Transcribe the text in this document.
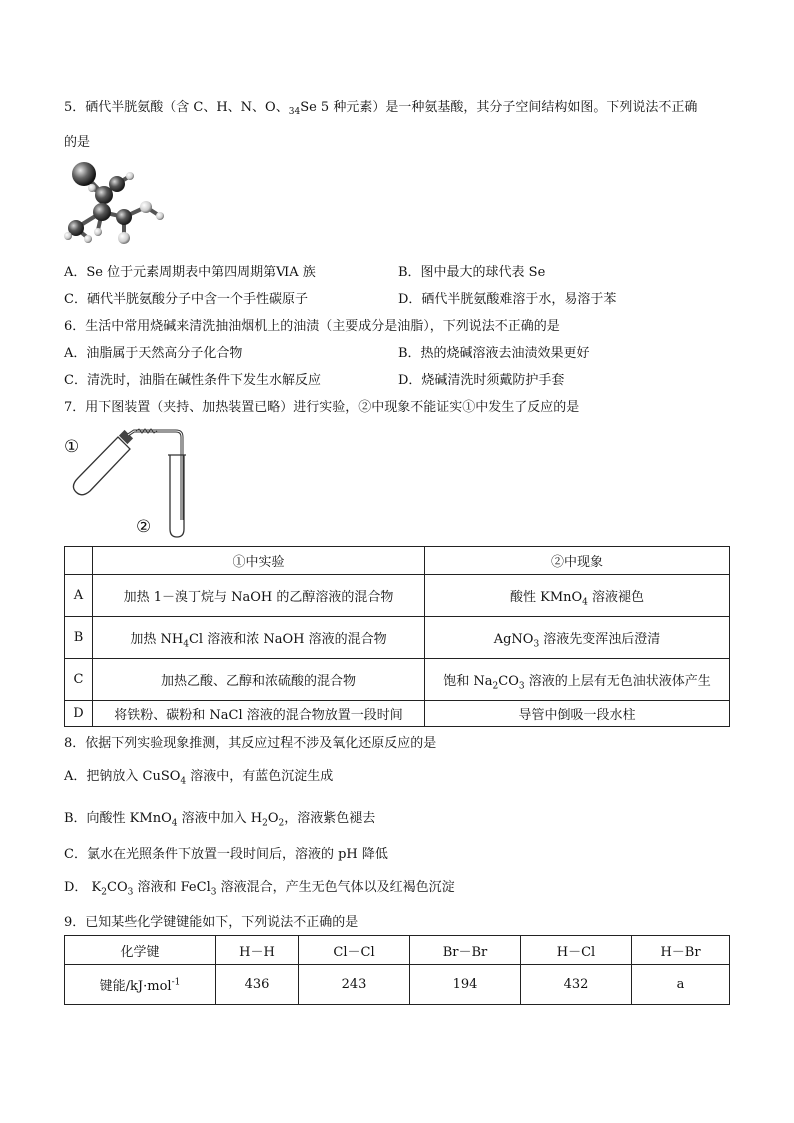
5．硒代半胱氨酸（含 C、H、N、O、$_{34}$Se 5 种元素）是一种氨基酸，其分子空间结构如图。下列说法不正确
的是
A．Se 位于元素周期表中第四周期第ⅥA 族	B．图中最大的球代表 Se
C．硒代半胱氨酸分子中含一个手性碳原子	D．硒代半胱氨酸难溶于水，易溶于苯
6．生活中常用烧碱来清洗抽油烟机上的油渍（主要成分是油脂），下列说法不正确的是
A．油脂属于天然高分子化合物	B．热的烧碱溶液去油渍效果更好
C．清洗时，油脂在碱性条件下发生水解反应	D．烧碱清洗时须戴防护手套
7．用下图装置（夹持、加热装置已略）进行实验，②中现象不能证实①中发生了反应的是
①
②
	①中实验	②中现象
A	加热 1－溴丁烷与 NaOH 的乙醇溶液的混合物	酸性 KMnO$_4$ 溶液褪色
B	加热 $NH_4Cl$ 溶液和浓 NaOH 溶液的混合物	AgNO$_3$ 溶液先变浑浊后澄清
C	加热乙酸、乙醇和浓硫酸的混合物	饱和 $Na_2CO_3$ 溶液的上层有无色油状液体产生
D	将铁粉、碳粉和 NaCl 溶液的混合物放置一段时间	导管中倒吸一段水柱
8．依据下列实验现象推测，其反应过程不涉及氧化还原反应的是
A．把钠放入 CuSO$_4$ 溶液中，有蓝色沉淀生成
B．向酸性 KMnO$_4$ 溶液中加入 $H_2O_2$，溶液紫色褪去
C．氯水在光照条件下放置一段时间后，溶液的 pH 降低
D． $K_2CO_3$ 溶液和 FeCl$_3$ 溶液混合，产生无色气体以及红褐色沉淀
9．已知某些化学键键能如下，下列说法不正确的是
化学键	H－H	Cl－Cl	Br－Br	H－Cl	H－Br
键能/kJ·mol$^{-1}$	436	243	194	432	a
